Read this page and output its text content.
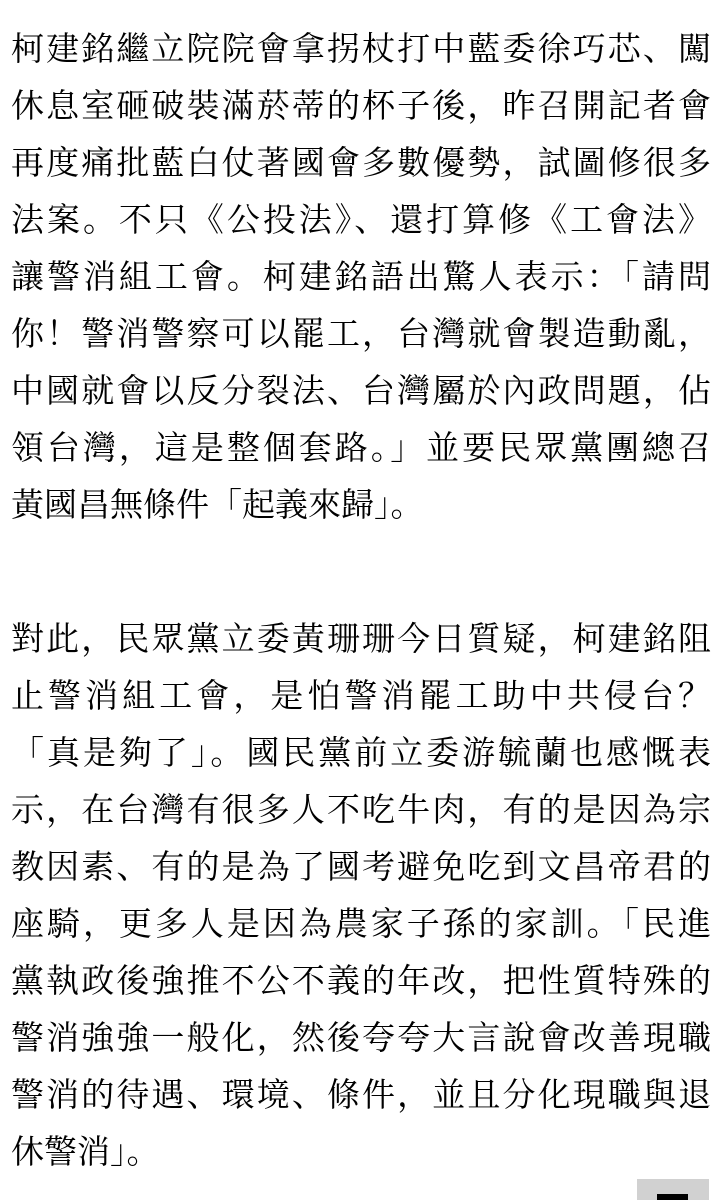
柯建銘繼立院院會拿拐杖打中藍委徐巧芯、闖
休息室砸破裝滿菸蒂的杯子後，昨召開記者會
再度痛批藍白仗著國會多數優勢，試圖修很多
法案。不只《公投法》、還打算修《工會法》
讓警消組工會。柯建銘語出驚人表示：「請問
你！警消警察可以罷工，台灣就會製造動亂，
中國就會以反分裂法、台灣屬於內政問題，佔
領台灣，這是整個套路。」並要民眾黨團總召
黃國昌無條件「起義來歸」。
對此，民眾黨立委黃珊珊今日質疑，柯建銘阻
止警消組工會，是怕警消罷工助中共侵台？
「真是夠了」。國民黨前立委游毓蘭也感慨表
示，在台灣有很多人不吃牛肉，有的是因為宗
教因素、有的是為了國考避免吃到文昌帝君的
座騎，更多人是因為農家子孫的家訓。「民進
黨執政後強推不公不義的年改，把性質特殊的
警消強強一般化，然後夸夸大言說會改善現職
警消的待遇、環境、條件，並且分化現職與退
休警消」。
